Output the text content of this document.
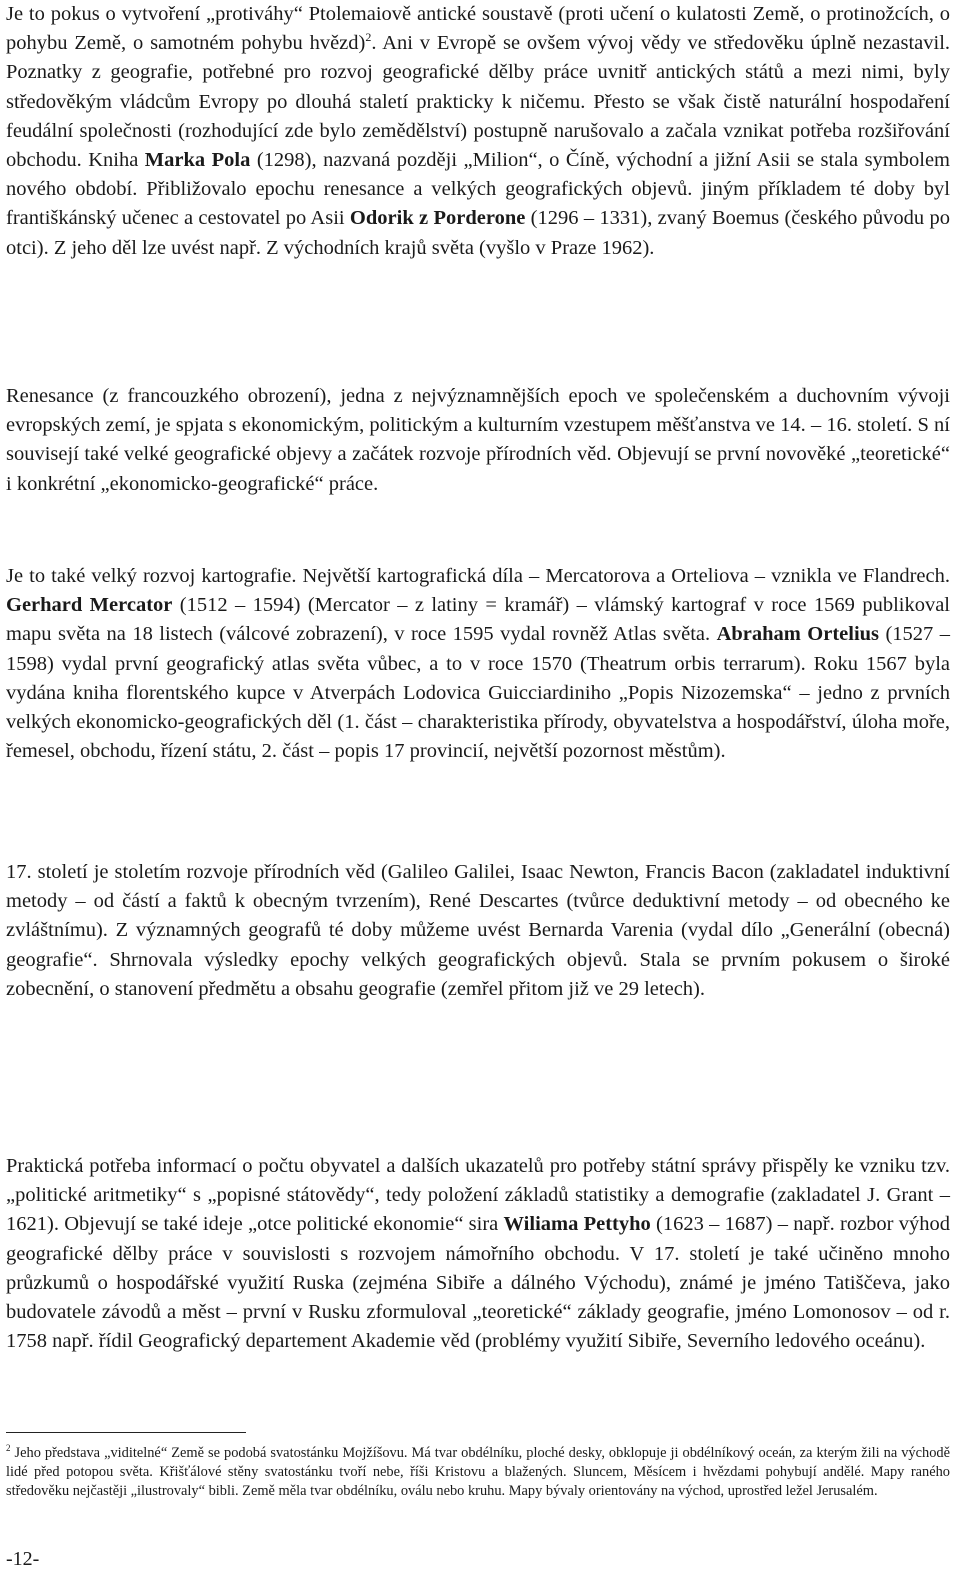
Je to pokus o vytvoření „protiváhy“ Ptolemaiově antické soustavě (proti učení o kulatosti Země, o protinožcích, o pohybu Země, o samotném pohybu hvězd)$^2$. Ani v Evropě se ovšem vývoj vědy ve středověku úplně nezastavil. Poznatky z geografie, potřebné pro rozvoj geografické dělby práce uvnitř antických států a mezi nimi, byly středověkým vládcům Evropy po dlouhá staletí prakticky k ničemu. Přesto se však čistě naturální hospodaření feudální společnosti (rozhodující zde bylo zemědělství) postupně narušovalo a začala vznikat potřeba rozšiřování obchodu. Kniha Marka Pola (1298), nazvaná později „Milion“, o Číně, východní a jižní Asii se stala symbolem nového období. Přibližovalo epochu renesance a velkých geografických objevů. jiným příkladem té doby byl františkánský učenec a cestovatel po Asii Odorik z Porderone (1296 – 1331), zvaný Boemus (českého původu po otci). Z jeho děl lze uvést např. Z východních krajů světa (vyšlo v Praze 1962).

Renesance (z francouzkého obrození), jedna z nejvýznamnějších epoch ve společenském a duchovním vývoji evropských zemí, je spjata s ekonomickým, politickým a kulturním vzestupem měšťanstva ve 14. – 16. století. S ní souvisejí také velké geografické objevy a začátek rozvoje přírodních věd. Objevují se první novověké „teoretické“ i konkrétní „ekonomicko-geografické“ práce.

Je to také velký rozvoj kartografie. Největší kartografická díla – Mercatorova a Orteliova – vznikla ve Flandrech. Gerhard Mercator (1512 – 1594) (Mercator – z latiny = kramář) – vlámský kartograf v roce 1569 publikoval mapu světa na 18 listech (válcové zobrazení), v roce 1595 vydal rovněž Atlas světa. Abraham Ortelius (1527 – 1598) vydal první geografický atlas světa vůbec, a to v roce 1570 (Theatrum orbis terrarum). Roku 1567 byla vydána kniha florentského kupce v Atverpách Lodovica Guicciardiniho „Popis Nizozemska“ – jedno z prvních velkých ekonomicko-geografických děl (1. část – charakteristika přírody, obyvatelstva a hospodářství, úloha moře, řemesel, obchodu, řízení státu, 2. část – popis 17 provincií, největší pozornost městům).

17. století je stoletím rozvoje přírodních věd (Galileo Galilei, Isaac Newton, Francis Bacon (zakladatel induktivní metody – od částí a faktů k obecným tvrzením), René Descartes (tvůrce deduktivní metody – od obecného ke zvláštnímu). Z významných geografů té doby můžeme uvést Bernarda Varenia (vydal dílo „Generální (obecná) geografie“. Shrnovala výsledky epochy velkých geografických objevů. Stala se prvním pokusem o široké zobecnění, o stanovení předmětu a obsahu geografie (zemřel přitom již ve 29 letech).

Praktická potřeba informací o počtu obyvatel a dalších ukazatelů pro potřeby státní správy přispěly ke vzniku tzv. „politické aritmetiky“ s „popisné státovědy“, tedy položení základů statistiky a demografie (zakladatel J. Grant – 1621). Objevují se také ideje „otce politické ekonomie“ sira Wiliama Pettyho (1623 – 1687) – např. rozbor výhod geografické dělby práce v souvislosti s rozvojem námořního obchodu. V 17. století je také učiněno mnoho průzkumů o hospodářské využití Ruska (zejména Sibiře a dálného Východu), známé je jméno Tatiščeva, jako budovatele závodů a měst – první v Rusku zformuloval „teoretické“ základy geografie, jméno Lomonosov – od r. 1758 např. řídil Geografický departement Akademie věd (problémy využití Sibiře, Severního ledového oceánu).

$^2$ Jeho představa „viditelné“ Země se podobá svatostánku Mojžíšovu. Má tvar obdélníku, ploché desky, obklopuje ji obdélníkový oceán, za kterým žili na východě lidé před potopou světa. Křišťálové stěny svatostánku tvoří nebe, říši Kristovu a blažených. Sluncem, Měsícem i hvězdami pohybují andělé. Mapy raného středověku nejčastěji „ilustrovaly“ bibli. Země měla tvar obdélníku, oválu nebo kruhu. Mapy bývaly orientovány na východ, uprostřed ležel Jerusalém.
-12-
